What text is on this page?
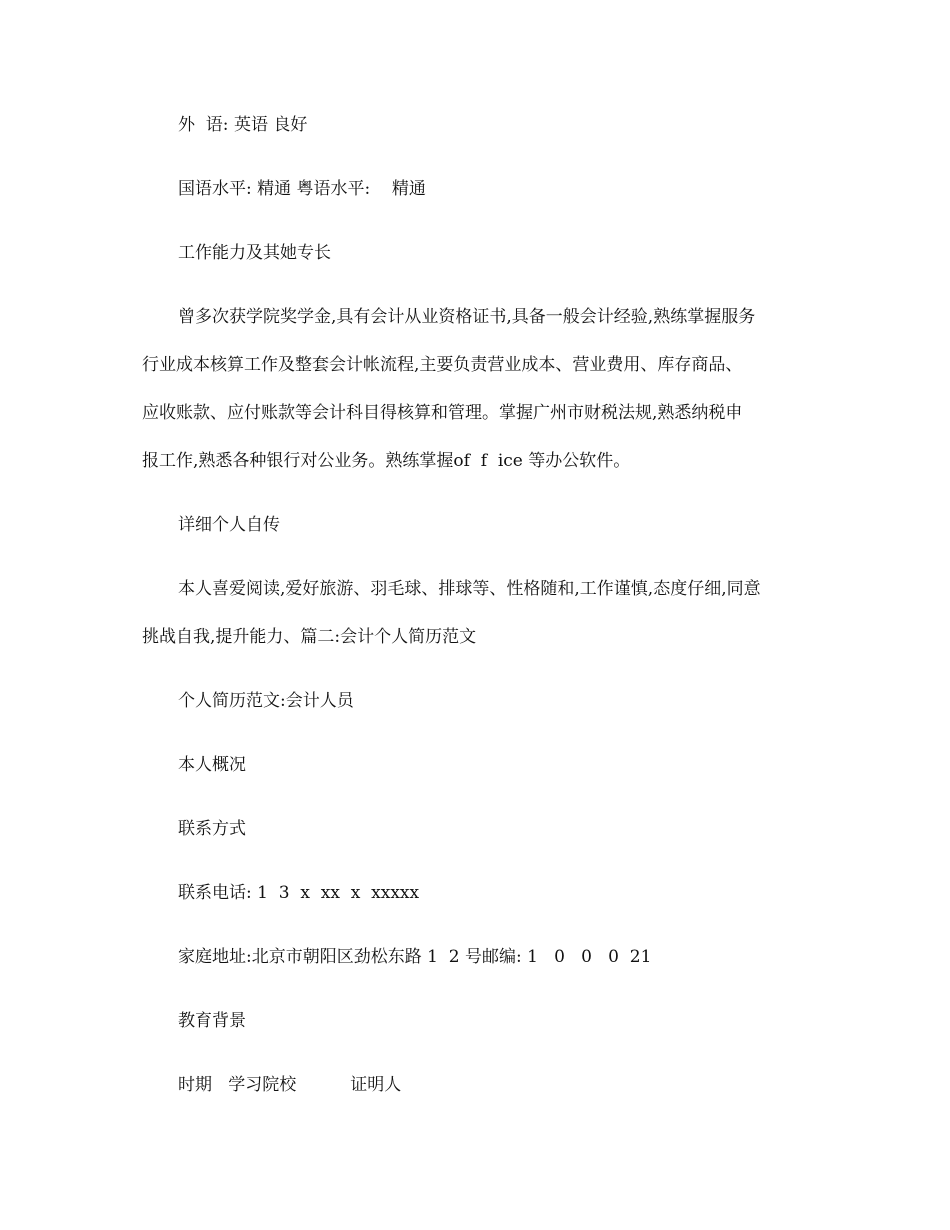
外  语: 英语 良好
国语水平: 精通 粤语水平:    精通
工作能力及其她专长
曾多次获学院奖学金,具有会计从业资格证书,具备一般会计经验,熟练掌握服务
行业成本核算工作及整套会计帐流程,主要负责营业成本、营业费用、库存商品、
应收账款、应付账款等会计科目得核算和管理。掌握广州市财税法规,熟悉纳税申
报工作,熟悉各种银行对公业务。熟练掌握of  f  ice 等办公软件。
详细个人自传
本人喜爱阅读,爱好旅游、羽毛球、排球等、性格随和,工作谨慎,态度仔细,同意
挑战自我,提升能力、篇二:会计个人简历范文
个人简历范文:会计人员
本人概况
联系方式
联系电话: 1  3  x  xx  x  xxxxx
家庭地址:北京市朝阳区劲松东路 1  2 号邮编: 1   0   0   0  21
教育背景
时期   学习院校          证明人
